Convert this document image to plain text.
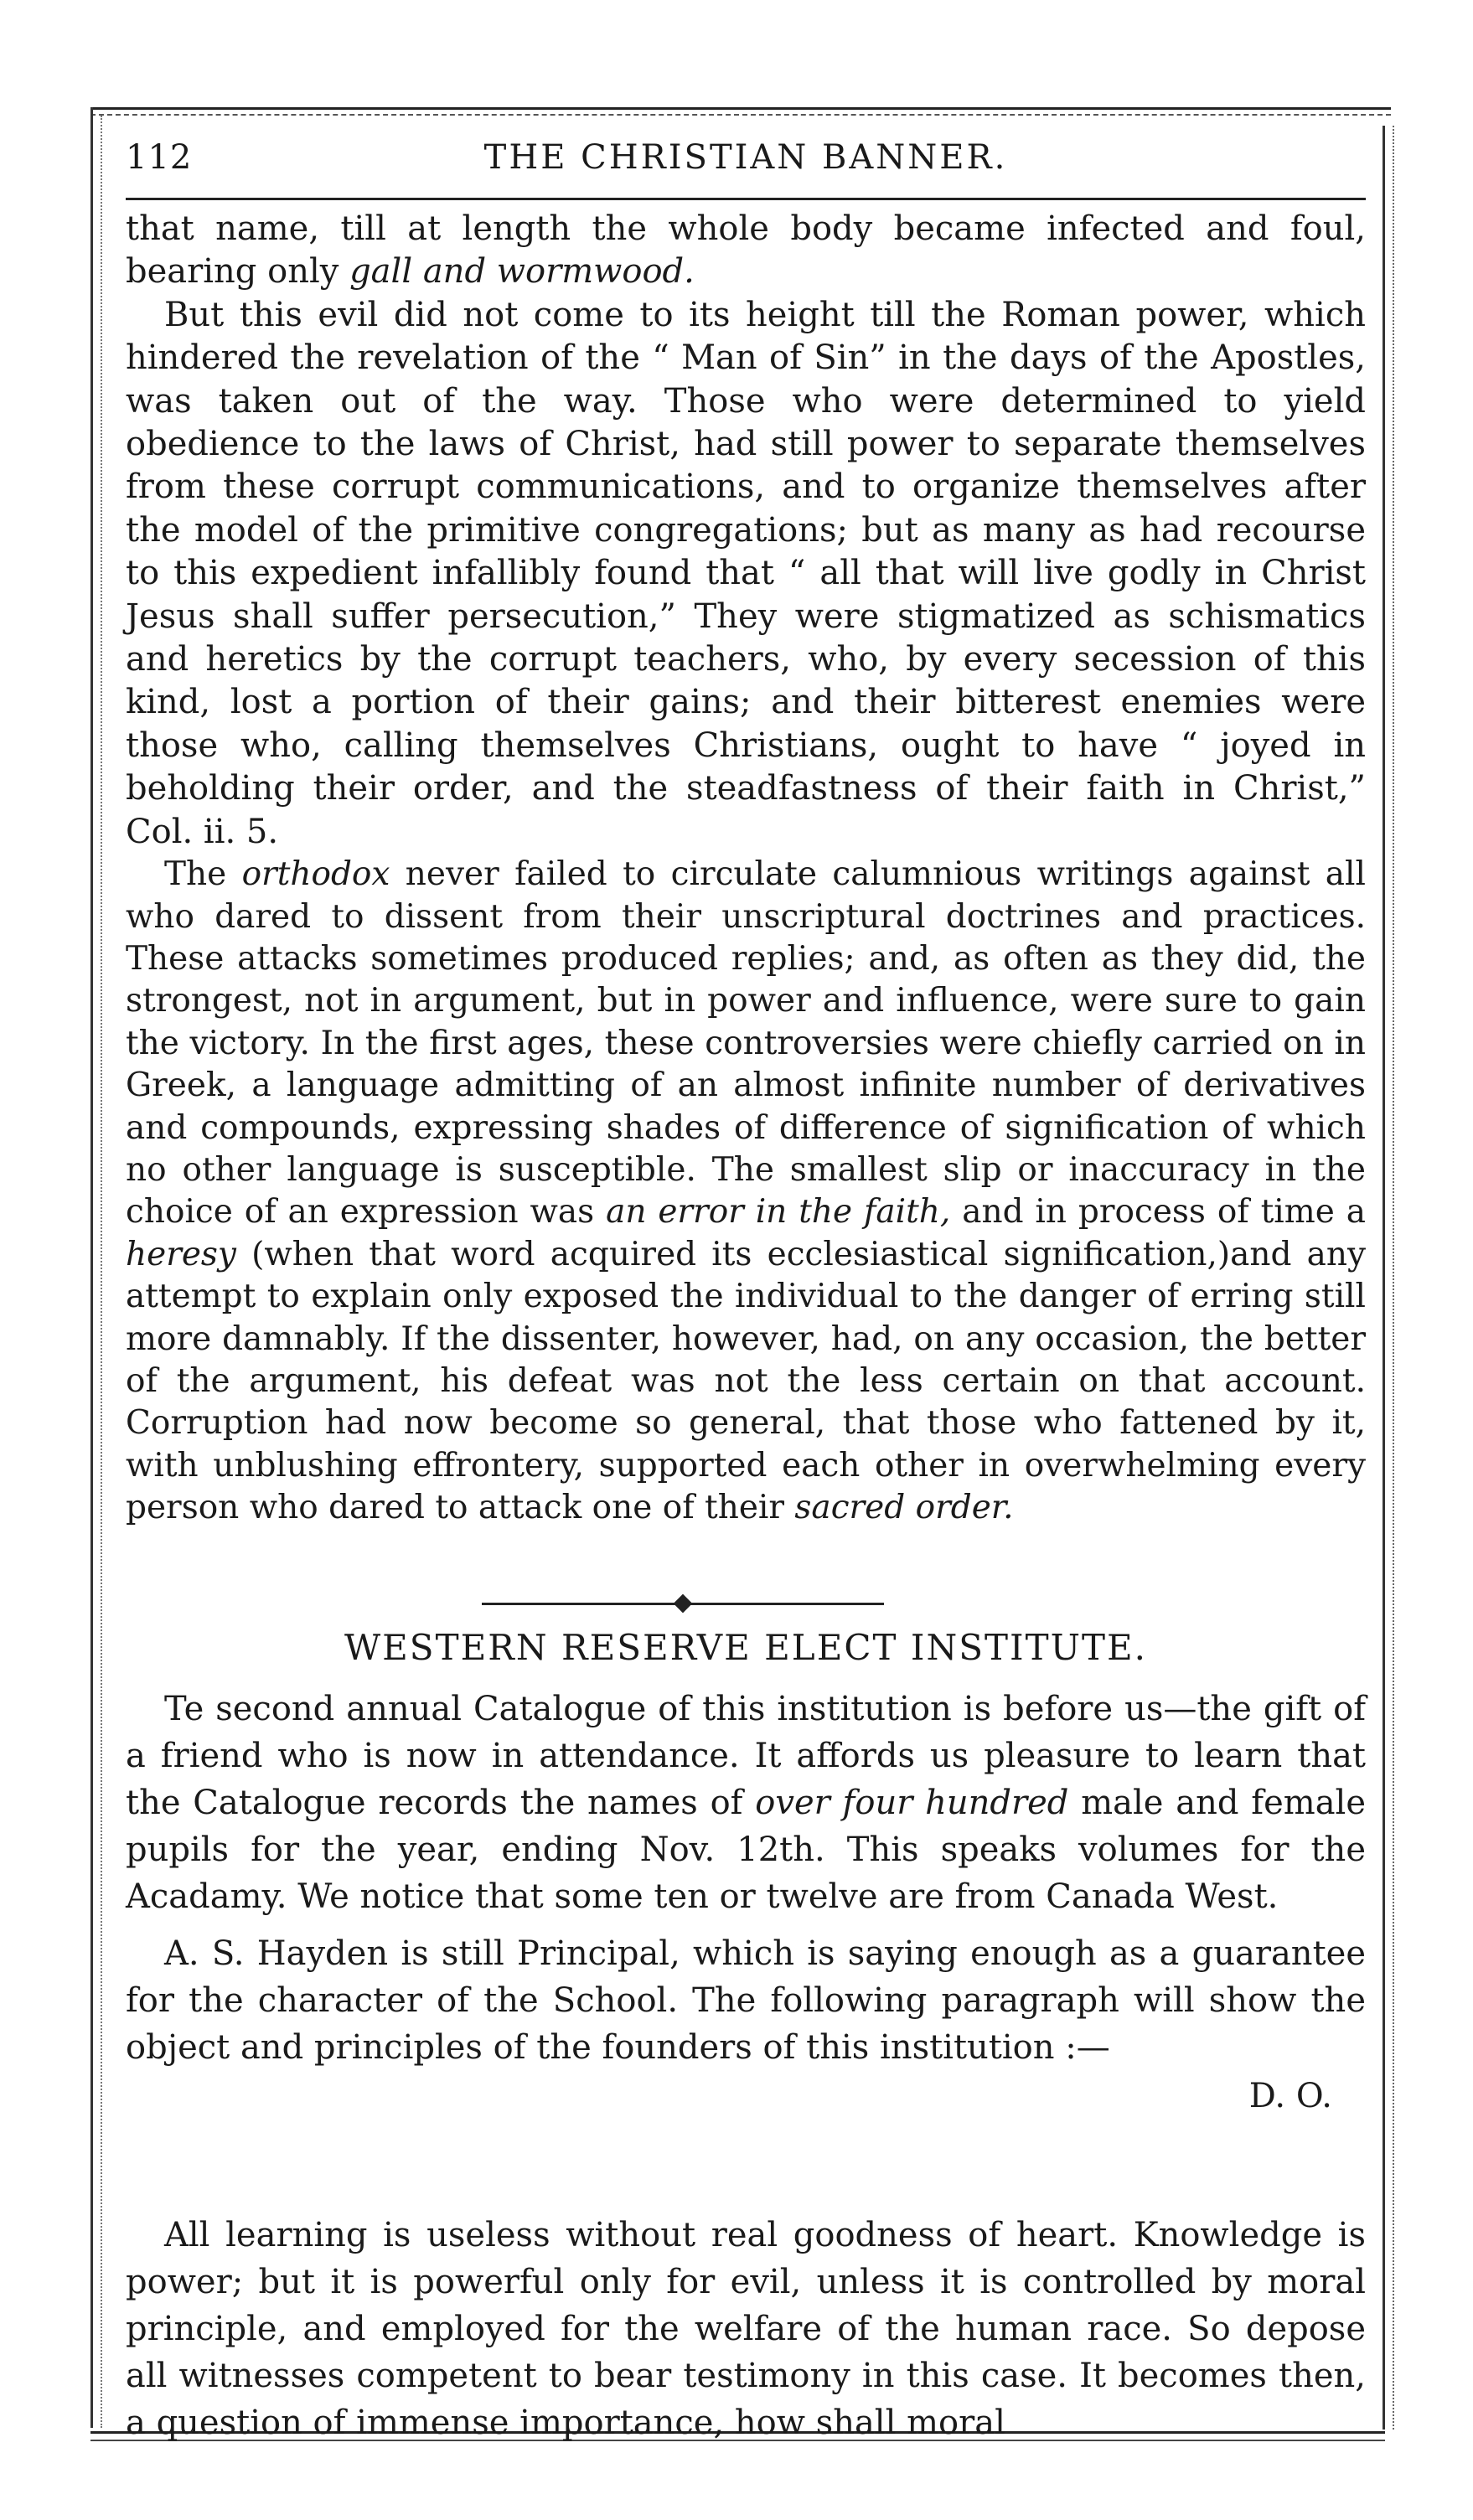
112	THE CHRISTIAN BANNER.

that name, till at length the whole body became infected and foul, bearing only gall and wormwood.

But this evil did not come to its height till the Roman power, which hindered the revelation of the “ Man of Sin” in the days of the Apostles, was taken out of the way. Those who were determined to yield obedience to the laws of Christ, had still power to separate themselves from these corrupt communications, and to organize themselves after the model of the primitive congregations; but as many as had recourse to this expedient infallibly found that “ all that will live godly in Christ Jesus shall suffer persecution,” They were stigmatized as schismatics and heretics by the corrupt teachers, who, by every secession of this kind, lost a portion of their gains; and their bitterest enemies were those who, calling themselves Christians, ought to have “ joyed in beholding their order, and the steadfastness of their faith in Christ,” Col. ii. 5.

The orthodox never failed to circulate calumnious writings against all who dared to dissent from their unscriptural doctrines and practices. These attacks sometimes produced replies; and, as often as they did, the strongest, not in argument, but in power and influence, were sure to gain the victory. In the first ages, these controversies were chiefly carried on in Greek, a language admitting of an almost infinite number of derivatives and compounds, expressing shades of difference of signification of which no other language is susceptible. The smallest slip or inaccuracy in the choice of an expression was an error in the faith, and in process of time a heresy (when that word acquired its ecclesiastical signification,)and any attempt to explain only exposed the individual to the danger of erring still more damnably. If the dissenter, however, had, on any occasion, the better of the argument, his defeat was not the less certain on that account. Corruption had now become so general, that those who fattened by it, with unblushing effrontery, supported each other in overwhelming every person who dared to attack one of their sacred order.

WESTERN RESERVE ELECT INSTITUTE.

Te second annual Catalogue of this institution is before us—the gift of a friend who is now in attendance. It affords us pleasure to learn that the Catalogue records the names of over four hundred male and female pupils for the year, ending Nov. 12th. This speaks volumes for the Acadamy. We notice that some ten or twelve are from Canada West.

A. S. Hayden is still Principal, which is saying enough as a guarantee for the character of the School. The following paragraph will show the object and principles of the founders of this institution :—

D. O.

All learning is useless without real goodness of heart. Knowledge is power; but it is powerful only for evil, unless it is controlled by moral principle, and employed for the welfare of the human race. So depose all witnesses competent to bear testimony in this case. It becomes then, a question of immense importance, how shall moral
